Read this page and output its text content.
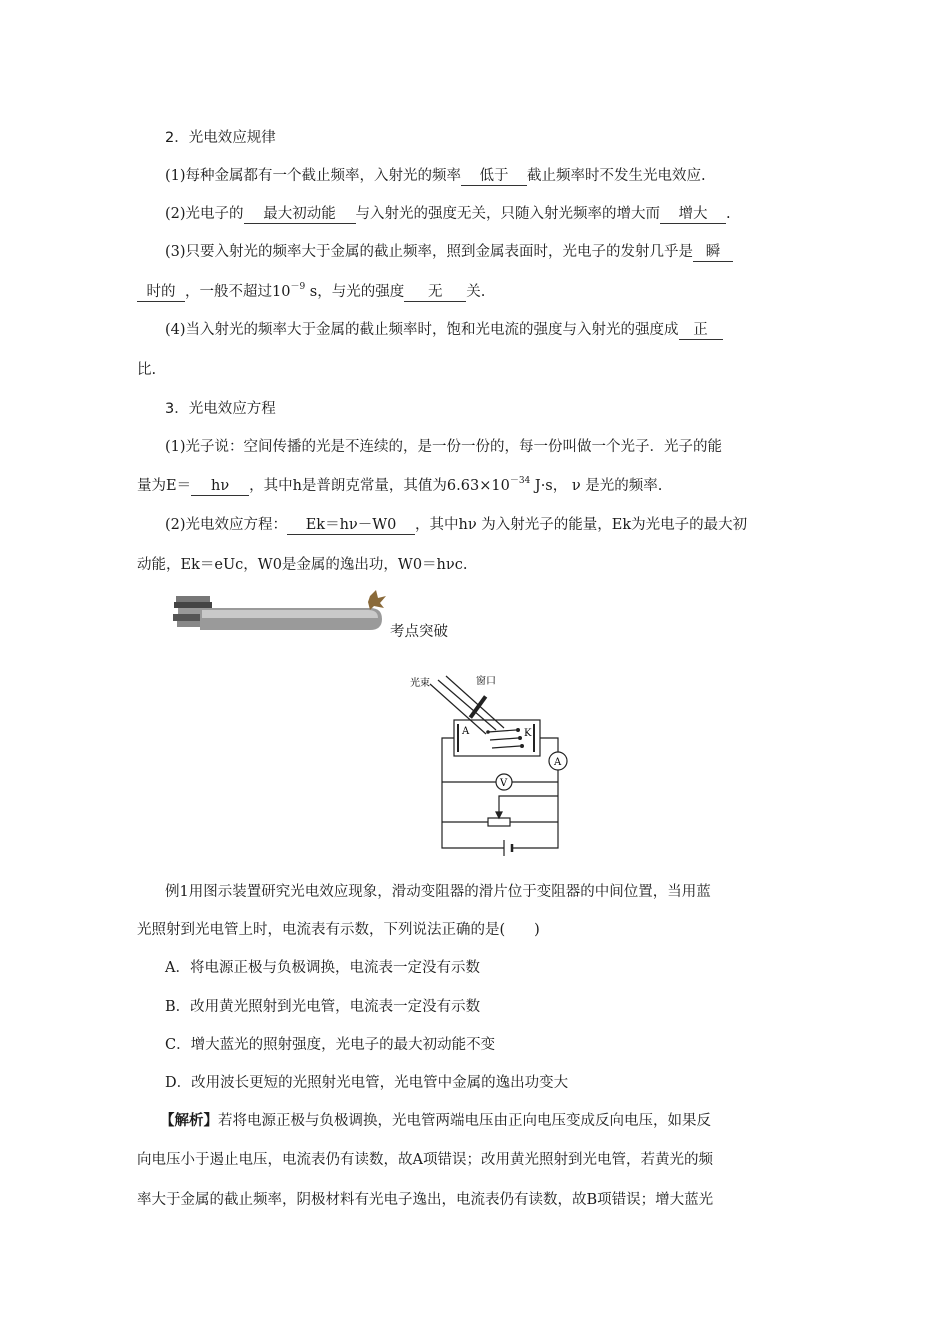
2．光电效应规律
(1)每种金属都有一个截止频率，入射光的频率 低于 截止频率时不发生光电效应.
(2)光电子的 最大初动能 与入射光的强度无关，只随入射光频率的增大而 增大 .
(3)只要入射光的频率大于金属的截止频率，照到金属表面时，光电子的发射几乎是 瞬
时的 ，一般不超过$10^{-9}$ s，与光的强度 无 关.
(4)当入射光的频率大于金属的截止频率时，饱和光电流的强度与入射光的强度成 正
比.
3．光电效应方程
(1)光子说：空间传播的光是不连续的，是一份一份的，每一份叫做一个光子．光子的能
量为E＝ hν ，其中h是普朗克常量，其值为$6.63\times 10^{-34}$ J·s， ν 是光的频率.
(2)光电效应方程： Ek＝hν－W0 ，其中hν 为入射光子的能量，Ek为光电子的最大初
动能，Ek＝eUc，W0是金属的逸出功，W0＝hνc.
考点突破
光束	窗口
A	K
A
V
例1用图示装置研究光电效应现象，滑动变阻器的滑片位于变阻器的中间位置，当用蓝
光照射到光电管上时，电流表有示数，下列说法正确的是(　　)
A．将电源正极与负极调换，电流表一定没有示数
B．改用黄光照射到光电管，电流表一定没有示数
C．增大蓝光的照射强度，光电子的最大初动能不变
D．改用波长更短的光照射光电管，光电管中金属的逸出功变大
【解析】若将电源正极与负极调换，光电管两端电压由正向电压变成反向电压，如果反
向电压小于遏止电压，电流表仍有读数，故A项错误；改用黄光照射到光电管，若黄光的频
率大于金属的截止频率，阴极材料有光电子逸出，电流表仍有读数，故B项错误；增大蓝光
